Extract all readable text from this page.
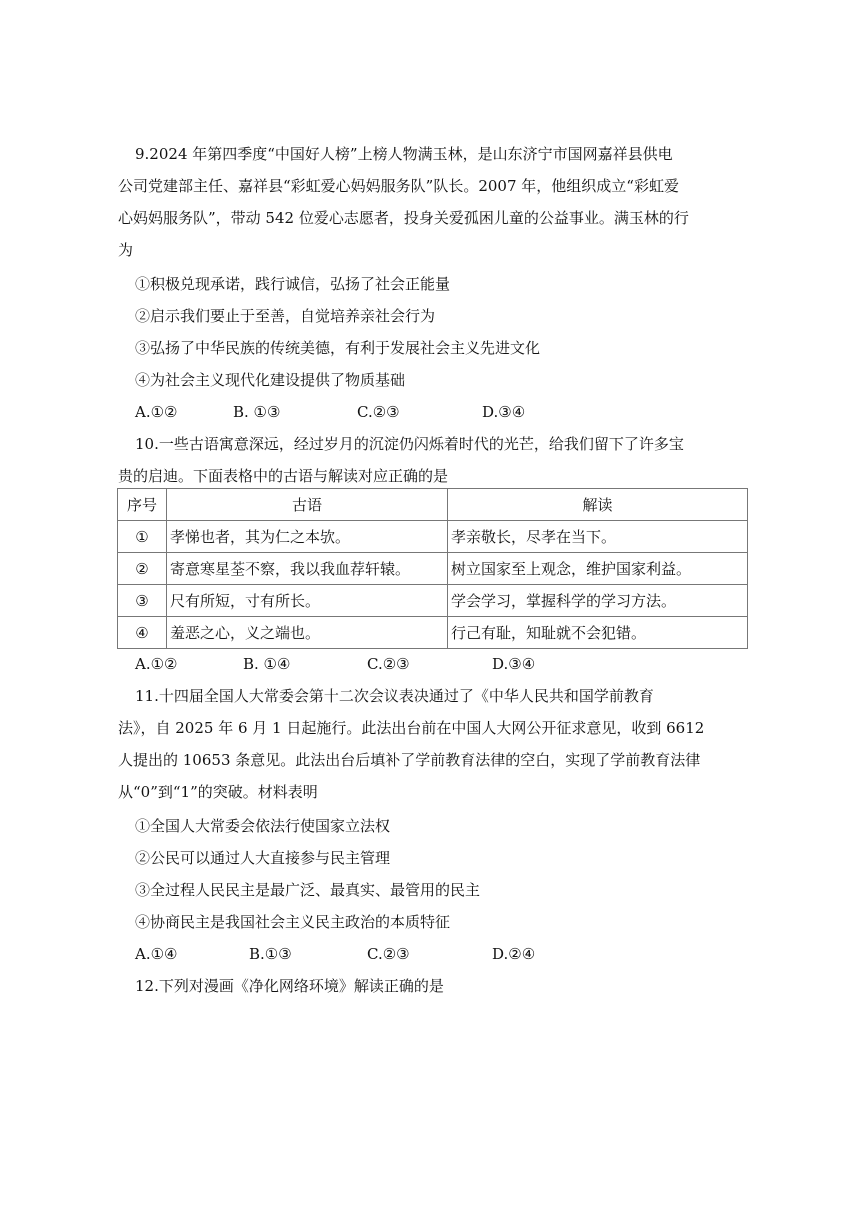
9.2024 年第四季度“中国好人榜”上榜人物满玉林，是山东济宁市国网嘉祥县供电
公司党建部主任、嘉祥县“彩虹爱心妈妈服务队”队长。2007 年，他组织成立“彩虹爱
心妈妈服务队”，带动 542 位爱心志愿者，投身关爱孤困儿童的公益事业。满玉林的行
为
①积极兑现承诺，践行诚信，弘扬了社会正能量
②启示我们要止于至善，自觉培养亲社会行为
③弘扬了中华民族的传统美德，有利于发展社会主义先进文化
④为社会主义现代化建设提供了物质基础
A.①②	B. ①③	C.②③	D.③④
10.一些古语寓意深远，经过岁月的沉淀仍闪烁着时代的光芒，给我们留下了许多宝
贵的启迪。下面表格中的古语与解读对应正确的是
序号	古语	解读
①	孝悌也者，其为仁之本欤。	孝亲敬长，尽孝在当下。
②	寄意寒星荃不察，我以我血荐轩辕。	树立国家至上观念，维护国家利益。
③	尺有所短，寸有所长。	学会学习，掌握科学的学习方法。
④	羞恶之心，义之端也。	行己有耻，知耻就不会犯错。
A.①②	B. ①④	C.②③	D.③④
11.十四届全国人大常委会第十二次会议表决通过了《中华人民共和国学前教育
法》，自 2025 年 6 月 1 日起施行。此法出台前在中国人大网公开征求意见，收到 6612
人提出的 10653 条意见。此法出台后填补了学前教育法律的空白，实现了学前教育法律
从“0”到“1”的突破。材料表明
①全国人大常委会依法行使国家立法权
②公民可以通过人大直接参与民主管理
③全过程人民民主是最广泛、最真实、最管用的民主
④协商民主是我国社会主义民主政治的本质特征
A.①④	B.①③	C.②③	D.②④
12.下列对漫画《净化网络环境》解读正确的是
